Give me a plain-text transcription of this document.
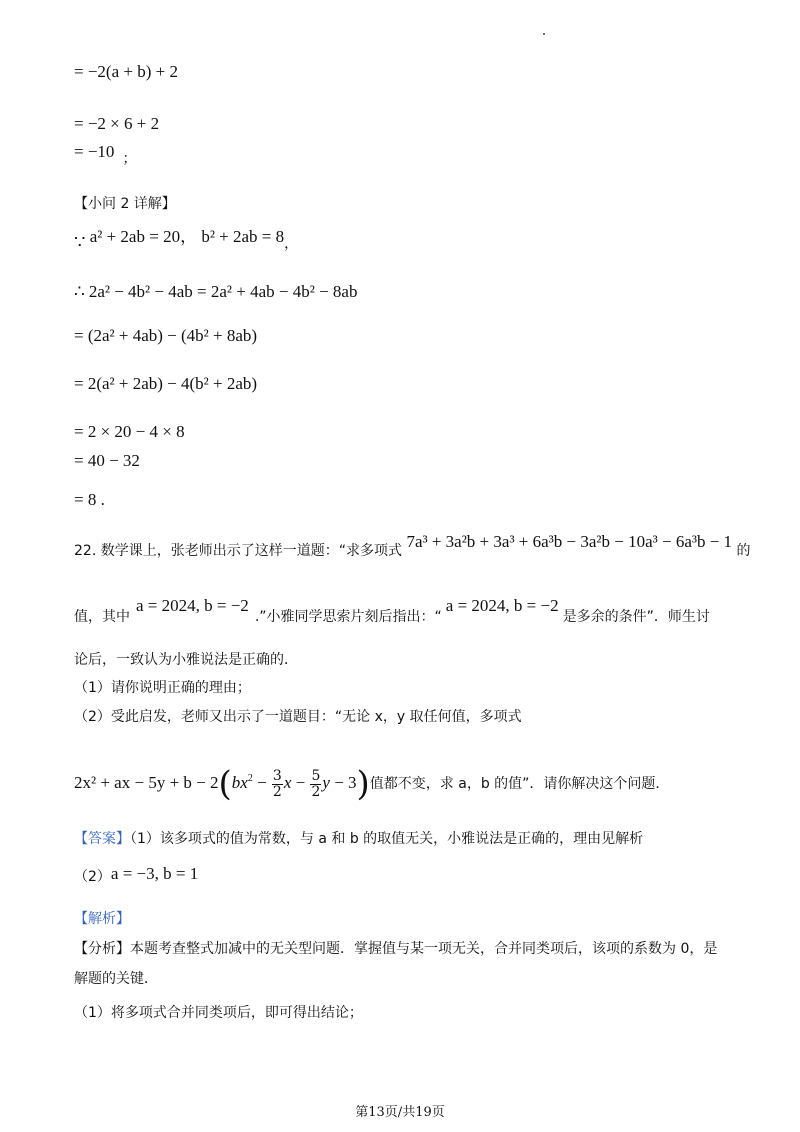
= −2(a + b) + 2
= −2 × 6 + 2
= −10 $_;$
【小问 2 详解】
∵ a² + 2ab = 20， $b^2 + 2ab = 8_,$
∴ 2a² − 4b² − 4ab = 2a² + 4ab − 4b² − 8ab
= (2a² + 4ab) − (4b² + 8ab)
= 2(a² + 2ab) − 4(b² + 2ab)
= 2 × 20 − 4 × 8
= 40 − 32
= 8 .
22. 数学课上，张老师出示了这样一道题：“求多项式 7a³ + 3a²b + 3a³ + 6a³b − 3a²b − 10a³ − 6a³b − 1 的
值，其中a = 2024, b = −2.”小雅同学思索片刻后指出：“a = 2024, b = −2是多余的条件”．师生讨
论后，一致认为小雅说法是正确的．
（1）请你说明正确的理由；
（2）受此启发，老师又出示了一道题目：“无论 x，y 取任何值，多项式
2x² + ax − $5y + b - 2(bx^2 - \frac{3}{2}$ $x - \frac{5}{2}$ y − 3)值都不变，求 a，b 的值”．请你解决这个问题．
【答案】（1）该多项式的值为常数，与 a 和 b 的取值无关，小雅说法是正确的，理由见解析
（2）a = −3, b = 1
【解析】
【分析】本题考查整式加减中的无关型问题．掌握值与某一项无关，合并同类项后，该项的系数为 0，是
解题的关键．
（1）将多项式合并同类项后，即可得出结论；
第13页/共19页
